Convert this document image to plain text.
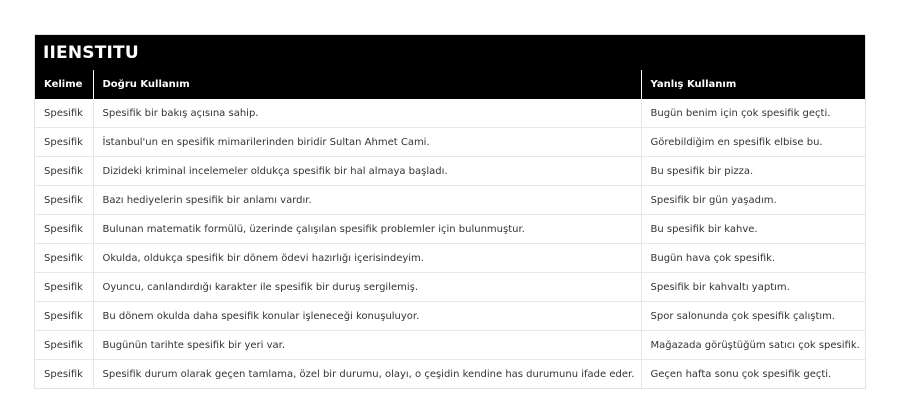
IIENSTITU
Kelime	Doğru Kullanım	Yanlış Kullanım
Spesifik	Spesifik bir bakış açısına sahip.	Bugün benim için çok spesifik geçti.
Spesifik	İstanbul'un en spesifik mimarilerinden biridir Sultan Ahmet Cami.	Görebildiğim en spesifik elbise bu.
Spesifik	Dizideki kriminal incelemeler oldukça spesifik bir hal almaya başladı.	Bu spesifik bir pizza.
Spesifik	Bazı hediyelerin spesifik bir anlamı vardır.	Spesifik bir gün yaşadım.
Spesifik	Bulunan matematik formülü, üzerinde çalışılan spesifik problemler için bulunmuştur.	Bu spesifik bir kahve.
Spesifik	Okulda, oldukça spesifik bir dönem ödevi hazırlığı içerisindeyim.	Bugün hava çok spesifik.
Spesifik	Oyuncu, canlandırdığı karakter ile spesifik bir duruş sergilemiş.	Spesifik bir kahvaltı yaptım.
Spesifik	Bu dönem okulda daha spesifik konular işleneceği konuşuluyor.	Spor salonunda çok spesifik çalıştım.
Spesifik	Bugünün tarihte spesifik bir yeri var.	Mağazada görüştüğüm satıcı çok spesifik.
Spesifik	Spesifik durum olarak geçen tamlama, özel bir durumu, olayı, o çeşidin kendine has durumunu ifade eder.	Geçen hafta sonu çok spesifik geçti.
